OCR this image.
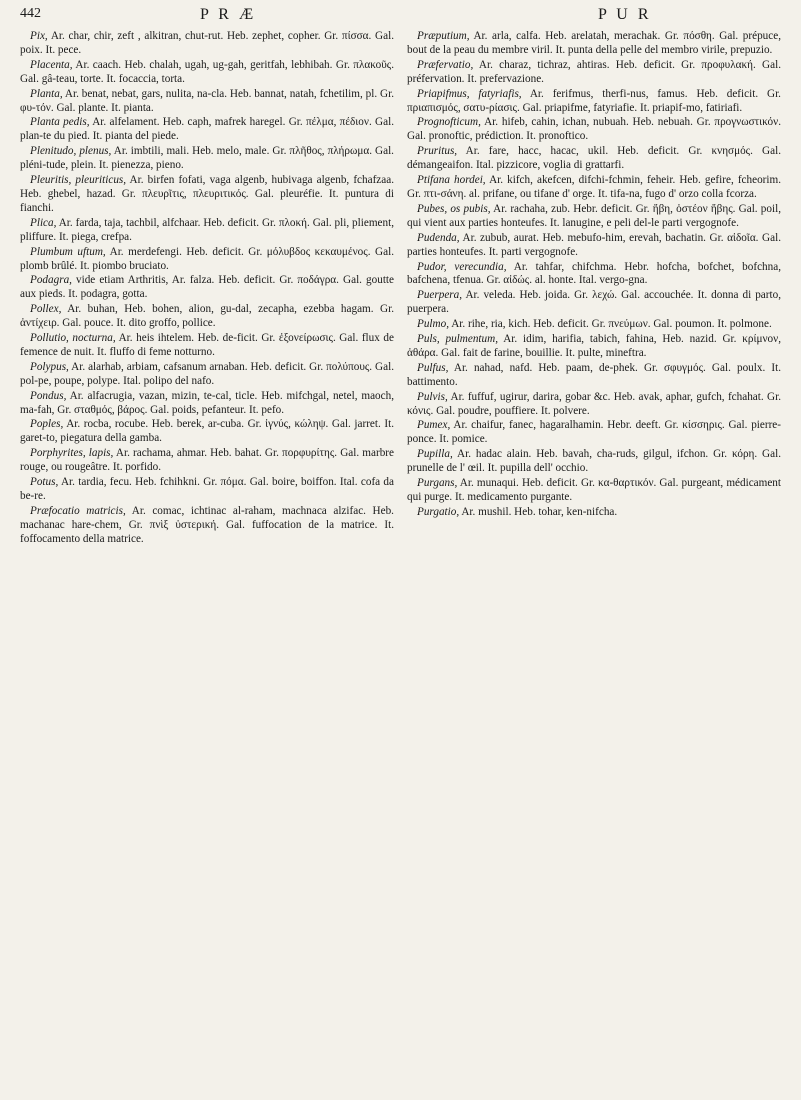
442	P R Æ	P U R

Pix, Ar. char, chir, zeft , alkitran, chut-rut. Heb. zephet, copher. Gr. πίσσα. Gal. poix. It. pece.

Placenta, Ar. caach. Heb. chalah, ugah, ug-gah, geritfah, lebhibah. Gr. πλακοῦς. Gal. gâ-teau, torte. It. focaccia, torta.

Planta, Ar. benat, nebat, gars, nulita, na-cla. Heb. bannat, natah, fchetilim, pl. Gr. φυ-τόν. Gal. plante. It. pianta.

Planta pedis, Ar. alfelament. Heb. caph, mafrek haregel. Gr. πέλμα, πέδιον. Gal. plan-te du pied. It. pianta del piede.

Plenitudo, plenus, Ar. imbtili, mali. Heb. melo, male. Gr. πλῆθος, πλήρωμα. Gal. pléni-tude, plein. It. pienezza, pieno.

Pleuritis, pleuriticus, Ar. birfen fofati, vaga algenb, hubivaga algenb, fchafzaa. Heb. ghebel, hazad. Gr. πλευρῖτις, πλευριτικός. Gal. pleuréfie. It. puntura di fianchi.

Plica, Ar. farda, taja, tachbil, alfchaar. Heb. deficit. Gr. πλοκή. Gal. pli, pliement, pliffure. It. piega, crefpa.

Plumbum uftum, Ar. merdefengi. Heb. deficit. Gr. μόλυβδος κεκαυμένος. Gal. plomb brûlé. It. piombo bruciato.

Podagra, vide etiam Arthritis, Ar. falza. Heb. deficit. Gr. ποδάγρα. Gal. goutte aux pieds. It. podagra, gotta.

Pollex, Ar. buhan, Heb. bohen, alion, gu-dal, zecapha, ezebba hagam. Gr. ἀντίχειρ. Gal. pouce. It. dito groffo, pollice.

Pollutio, nocturna, Ar. heis ihtelem. Heb. de-ficit. Gr. ἐξονείρωσις. Gal. flux de femence de nuit. It. fluffo di feme notturno.

Polypus, Ar. alarhab, arbiam, cafsanum arnaban. Heb. deficit. Gr. πολύπους. Gal. pol-pe, poupe, polype. Ital. polipo del nafo.

Pondus, Ar. alfacrugia, vazan, mizin, te-cal, ticle. Heb. mifchgal, netel, maoch, ma-fah, Gr. σταθμός, βάρος. Gal. poids, pefanteur. It. pefo.

Poples, Ar. rocba, rocube. Heb. berek, ar-cuba. Gr. ἰγνύς, κώληψ. Gal. jarret. It. garet-to, piegatura della gamba.

Porphyrites, lapis, Ar. rachama, ahmar. Heb. bahat. Gr. πορφυρίτης. Gal. marbre rouge, ou rougeâtre. It. porfido.

Potus, Ar. tardia, fecu. Heb. fchihkni. Gr. πόμα. Gal. boire, boiffon. Ital. cofa da be-re.

Præfocatio matricis, Ar. comac, ichtinac al-raham, machnaca alzifac. Heb. machanac hare-chem, Gr. πνὶξ ὑστερική. Gal. fuffocation de la matrice. It. foffocamento della matrice.

Præputium, Ar. arla, calfa. Heb. arelatah, merachak. Gr. πόσθη. Gal. prépuce, bout de la peau du membre viril. It. punta della pelle del membro virile, prepuzio.

Præfervatio, Ar. charaz, tichraz, ahtiras. Heb. deficit. Gr. προφυλακή. Gal. préfervation. It. prefervazione.

Priapifmus, fatyriafis, Ar. ferifmus, therfi-nus, famus. Heb. deficit. Gr. πριαπισμός, σατυ-ρίασις. Gal. priapifme, fatyriafie. It. priapif-mo, fatiriafi.

Prognofticum, Ar. hifeb, cahin, ichan, nubuah. Heb. nebuah. Gr. προγνωστικόν. Gal. pronoftic, prédiction. It. pronoftico.

Pruritus, Ar. fare, hacc, hacac, ukil. Heb. deficit. Gr. κνησμός. Gal. démangeaifon. Ital. pizzicore, voglia di grattarfi.

Ptifana hordei, Ar. kifch, akefcen, difchi-fchmin, feheir. Heb. gefire, fcheorim. Gr. πτι-σάνη. al. prifane, ou tifane d' orge. It. tifa-na, fugo d' orzo colla fcorza.

Pubes, os pubis, Ar. rachaha, zub. Hebr. deficit. Gr. ἥβη, ὀστέον ἥβης. Gal. poil, qui vient aux parties honteufes. It. lanugine, e peli del-le parti vergognofe.

Pudenda, Ar. zubub, aurat. Heb. mebufo-him, erevah, bachatin. Gr. αἰδοῖα. Gal. parties honteufes. It. parti vergognofe.

Pudor, verecundia, Ar. tahfar, chifchma. Hebr. hofcha, bofchet, bofchna, bafchena, tfenua. Gr. αἰδώς. al. honte. Ital. vergo-gna.

Puerpera, Ar. veleda. Heb. joida. Gr. λεχώ. Gal. accouchée. It. donna di parto, puerpera.

Pulmo, Ar. rihe, ria, kich. Heb. deficit. Gr. πνεύμων. Gal. poumon. It. polmone.

Puls, pulmentum, Ar. idim, harifia, tabich, fahina, Heb. nazid. Gr. κρίμνον, ἀθάρα. Gal. fait de farine, bouillie. It. pulte, mineftra.

Pulfus, Ar. nahad, nafd. Heb. paam, de-phek. Gr. σφυγμός. Gal. poulx. It. battimento.

Pulvis, Ar. fuffuf, ugirur, darira, gobar &c. Heb. avak, aphar, gufch, fchahat. Gr. κόνις. Gal. poudre, pouffiere. It. polvere.

Pumex, Ar. chaifur, fanec, hagaralhamin. Hebr. deeft. Gr. κίσσηρις. Gal. pierre-ponce. It. pomice.

Pupilla, Ar. hadac alain. Heb. bavah, cha-ruds, gilgul, ifchon. Gr. κόρη. Gal. prunelle de l' œil. It. pupilla dell' occhio.

Purgans, Ar. munaqui. Heb. deficit. Gr. κα-θαρτικόν. Gal. purgeant, médicament qui purge. It. medicamento purgante.

Purgatio, Ar. mushil. Heb. tohar, ken-nifcha.
